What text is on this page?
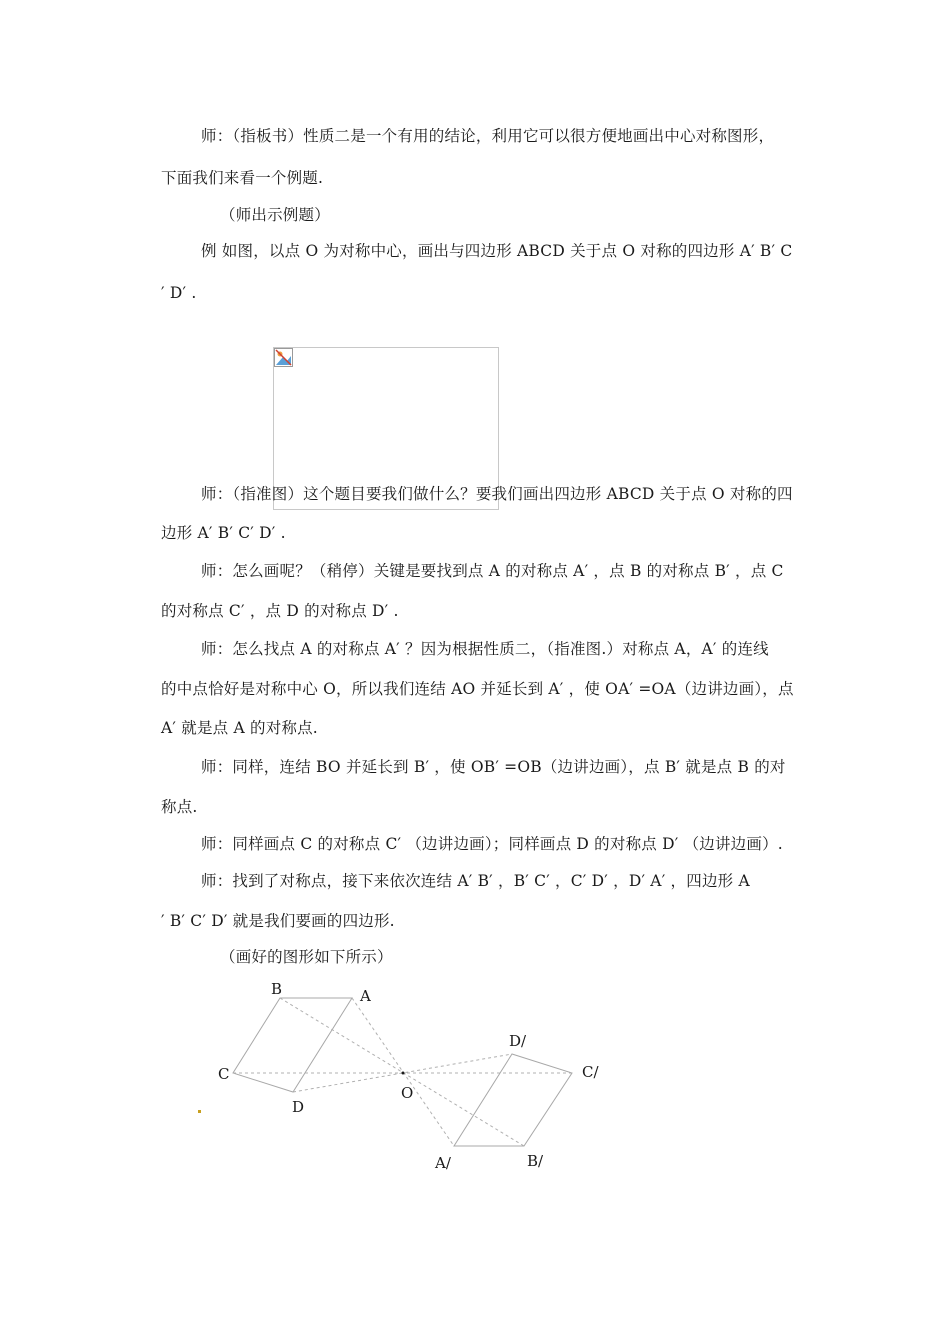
师：（指板书）性质二是一个有用的结论，利用它可以很方便地画出中心对称图形，
下面我们来看一个例题.
（师出示例题）
例 如图，以点 O 为对称中心，画出与四边形 ABCD 关于点 O 对称的四边形 A′ B′ C
′ D′ .
师：（指准图）这个题目要我们做什么？要我们画出四边形 ABCD 关于点 O 对称的四
边形 A′ B′ C′ D′ .
师：怎么画呢？（稍停）关键是要找到点 A 的对称点 A′ ，点 B 的对称点 B′ ，点 C
的对称点 C′ ，点 D 的对称点 D′ .
师：怎么找点 A 的对称点 A′ ？因为根据性质二，（指准图.）对称点 A，A′ 的连线
的中点恰好是对称中心 O，所以我们连结 AO 并延长到 A′ ，使 OA′ =OA（边讲边画），点
A′ 就是点 A 的对称点.
师：同样，连结 BO 并延长到 B′ ，使 OB′ =OB（边讲边画），点 B′ 就是点 B 的对
称点.
师：同样画点 C 的对称点 C′ （边讲边画）；同样画点 D 的对称点 D′ （边讲边画）.
师：找到了对称点，接下来依次连结 A′ B′ ，B′ C′ ，C′ D′ ，D′ A′ ，四边形 A
′ B′ C′ D′ 就是我们要画的四边形.
（画好的图形如下所示）
B	A
C
D
O
D/
C/
A/	B/
